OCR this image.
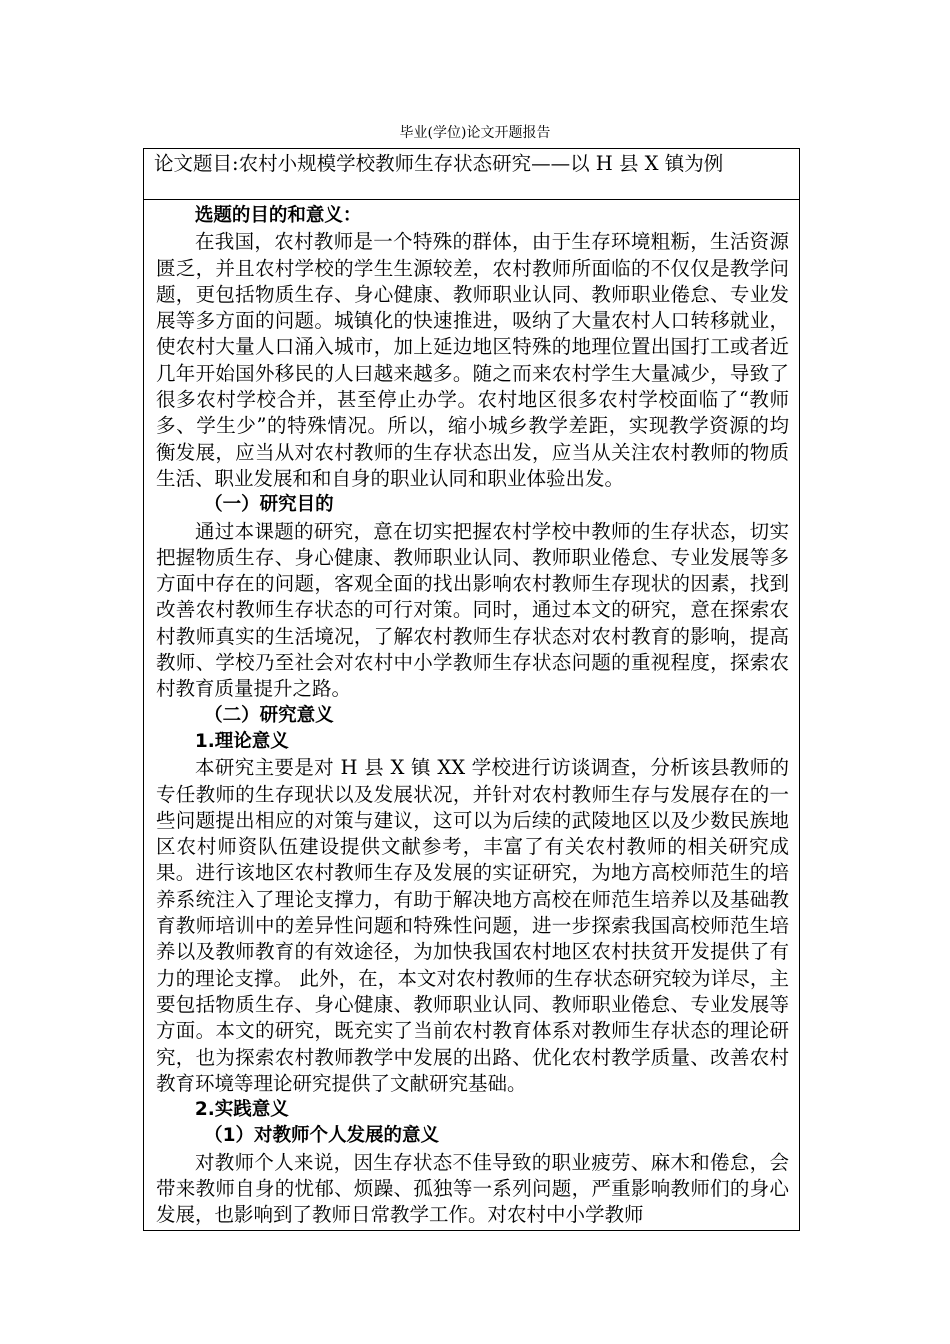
毕业(学位)论文开题报告
论文题目:农村小规模学校教师生存状态研究——以 H 县 X 镇为例

选题的目的和意义：

在我国，农村教师是一个特殊的群体，由于生存环境粗粝，生活资源匮乏，并且农村学校的学生生源较差，农村教师所面临的不仅仅是教学问题，更包括物质生存、身心健康、教师职业认同、教师职业倦怠、专业发展等多方面的问题。城镇化的快速推进，吸纳了大量农村人口转移就业，使农村大量人口涌入城市，加上延边地区特殊的地理位置出国打工或者近几年开始国外移民的人曰越来越多。随之而来农村学生大量减少，导致了很多农村学校合并，甚至停止办学。农村地区很多农村学校面临了“教师多、学生少”的特殊情况。所以，缩小城乡教学差距，实现教学资源的均衡发展，应当从对农村教师的生存状态出发，应当从关注农村教师的物质生活、职业发展和和自身的职业认同和职业体验出发。

（一）研究目的

通过本课题的研究，意在切实把握农村学校中教师的生存状态，切实把握物质生存、身心健康、教师职业认同、教师职业倦怠、专业发展等多方面中存在的问题，客观全面的找出影响农村教师生存现状的因素，找到改善农村教师生存状态的可行对策。同时，通过本文的研究，意在探索农村教师真实的生活境况，了解农村教师生存状态对农村教育的影响，提高教师、学校乃至社会对农村中小学教师生存状态问题的重视程度，探索农村教育质量提升之路。

（二）研究意义

1.理论意义

本研究主要是对 H 县 X 镇 XX 学校进行访谈调查，分析该县教师的专任教师的生存现状以及发展状况，并针对农村教师生存与发展存在的一些问题提出相应的对策与建议，这可以为后续的武陵地区以及少数民族地区农村师资队伍建设提供文献参考，丰富了有关农村教师的相关研究成果。进行该地区农村教师生存及发展的实证研究，为地方高校师范生的培养系统注入了理论支撑力，有助于解决地方高校在师范生培养以及基础教育教师培训中的差异性问题和特殊性问题，进一步探索我国高校师范生培养以及教师教育的有效途径，为加快我国农村地区农村扶贫开发提供了有力的理论支撑。 此外，在，本文对农村教师的生存状态研究较为详尽，主要包括物质生存、身心健康、教师职业认同、教师职业倦怠、专业发展等方面。本文的研究，既充实了当前农村教育体系对教师生存状态的理论研究，也为探索农村教师教学中发展的出路、优化农村教学质量、改善农村教育环境等理论研究提供了文献研究基础。

2.实践意义

（1）对教师个人发展的意义

对教师个人来说，因生存状态不佳导致的职业疲劳、麻木和倦怠，会带来教师自身的忧郁、烦躁、孤独等一系列问题，严重影响教师们的身心发展，也影响到了教师日常教学工作。对农村中小学教师
